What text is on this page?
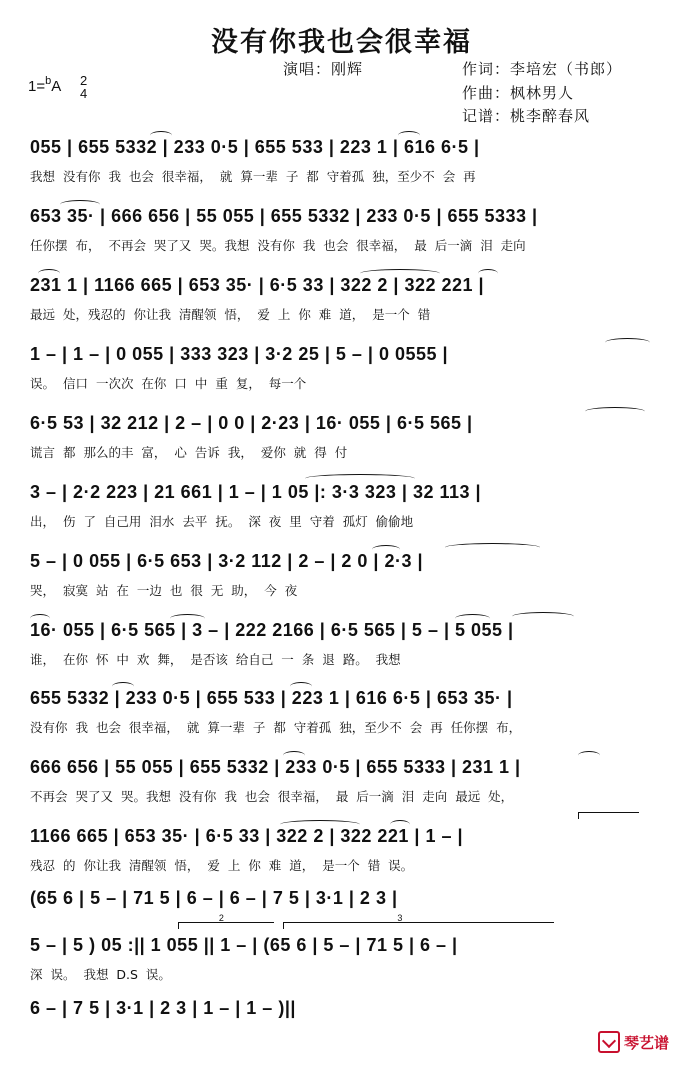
没有你我也会很幸福
演唱：刚辉	作词：李培宏（书郎）
作曲：枫林男人
记谱：桃李醉春风
1=$^b$A 2
4
055 | 655 5332 | 233 0·5 | 655 533 | 223 1 | 616 6·5 |
我想 没有你 我 也会 很幸福， 就 算一辈 子 都 守着孤 独，至少不 会 再
653 35· | 666 656 | 55 055 | 655 5332 | 233 0·5 | 655 5333 |
任你摆 布， 不再会 哭了又 哭。我想 没有你 我 也会 很幸福， 最 后一滴 泪 走向
231 1 | 1166 665 | 653 35· | 6·5 33 | 322 2 | 322 221 |
最远 处，残忍的 你让我 清醒领 悟， 爱 上 你 难 道， 是一个 错
1 – | 1 – | 0 055 | 333 323 | 3·2 25 | 5 – | 0 0555 |
误。 信口 一次次 在你 口 中 重 复， 每一个
6·5 53 | 32 212 | 2 – | 0 0 | 2·23 | 16· 055 | 6·5 565 |
谎言 都 那么的丰 富， 心 告诉 我， 爱你 就 得 付
3 – | 2·2 223 | 21 661 | 1 – | 1 05 |: 3·3 323 | 32 113 |
出， 伤 了 自己用 泪水 去平 抚。 深 夜 里 守着 孤灯 偷偷地
5 – | 0 055 | 6·5 653 | 3·2 112 | 2 – | 2 0 | 2·3 |
哭， 寂寞 站 在 一边 也 很 无 助， 今 夜
16· 055 | 6·5 565 | 3 – | 222 2166 | 6·5 565 | 5 – | 5 055 |
谁， 在你 怀 中 欢 舞， 是否该 给自己 一 条 退 路。 我想
655 5332 | 233 0·5 | 655 533 | 223 1 | 616 6·5 | 653 35· |
没有你 我 也会 很幸福， 就 算一辈 子 都 守着孤 独，至少不 会 再 任你摆 布，
666 656 | 55 055 | 655 5332 | 233 0·5 | 655 5333 | 231 1 |
不再会 哭了又 哭。我想 没有你 我 也会 很幸福， 最 后一滴 泪 走向 最远 处，
1166 665 | 653 35· | 6·5 33 | 322 2 | 322 221 | 1 – |
残忍 的 你让我 清醒领 悟， 爱 上 你 难 道， 是一个 错 误。
(65 6 | 5 – | 71 5 | 6 – | 6 – | 7 5 | 3·1 | 2 3 |
2	3
5 – | 5 ) 05 :|| 1 055 || 1 – | (65 6 | 5 – | 71 5 | 6 – |
深 误。 我想 D.S 误。
6 – | 7 5 | 3·1 | 2 3 | 1 – | 1 – )||
琴艺谱
